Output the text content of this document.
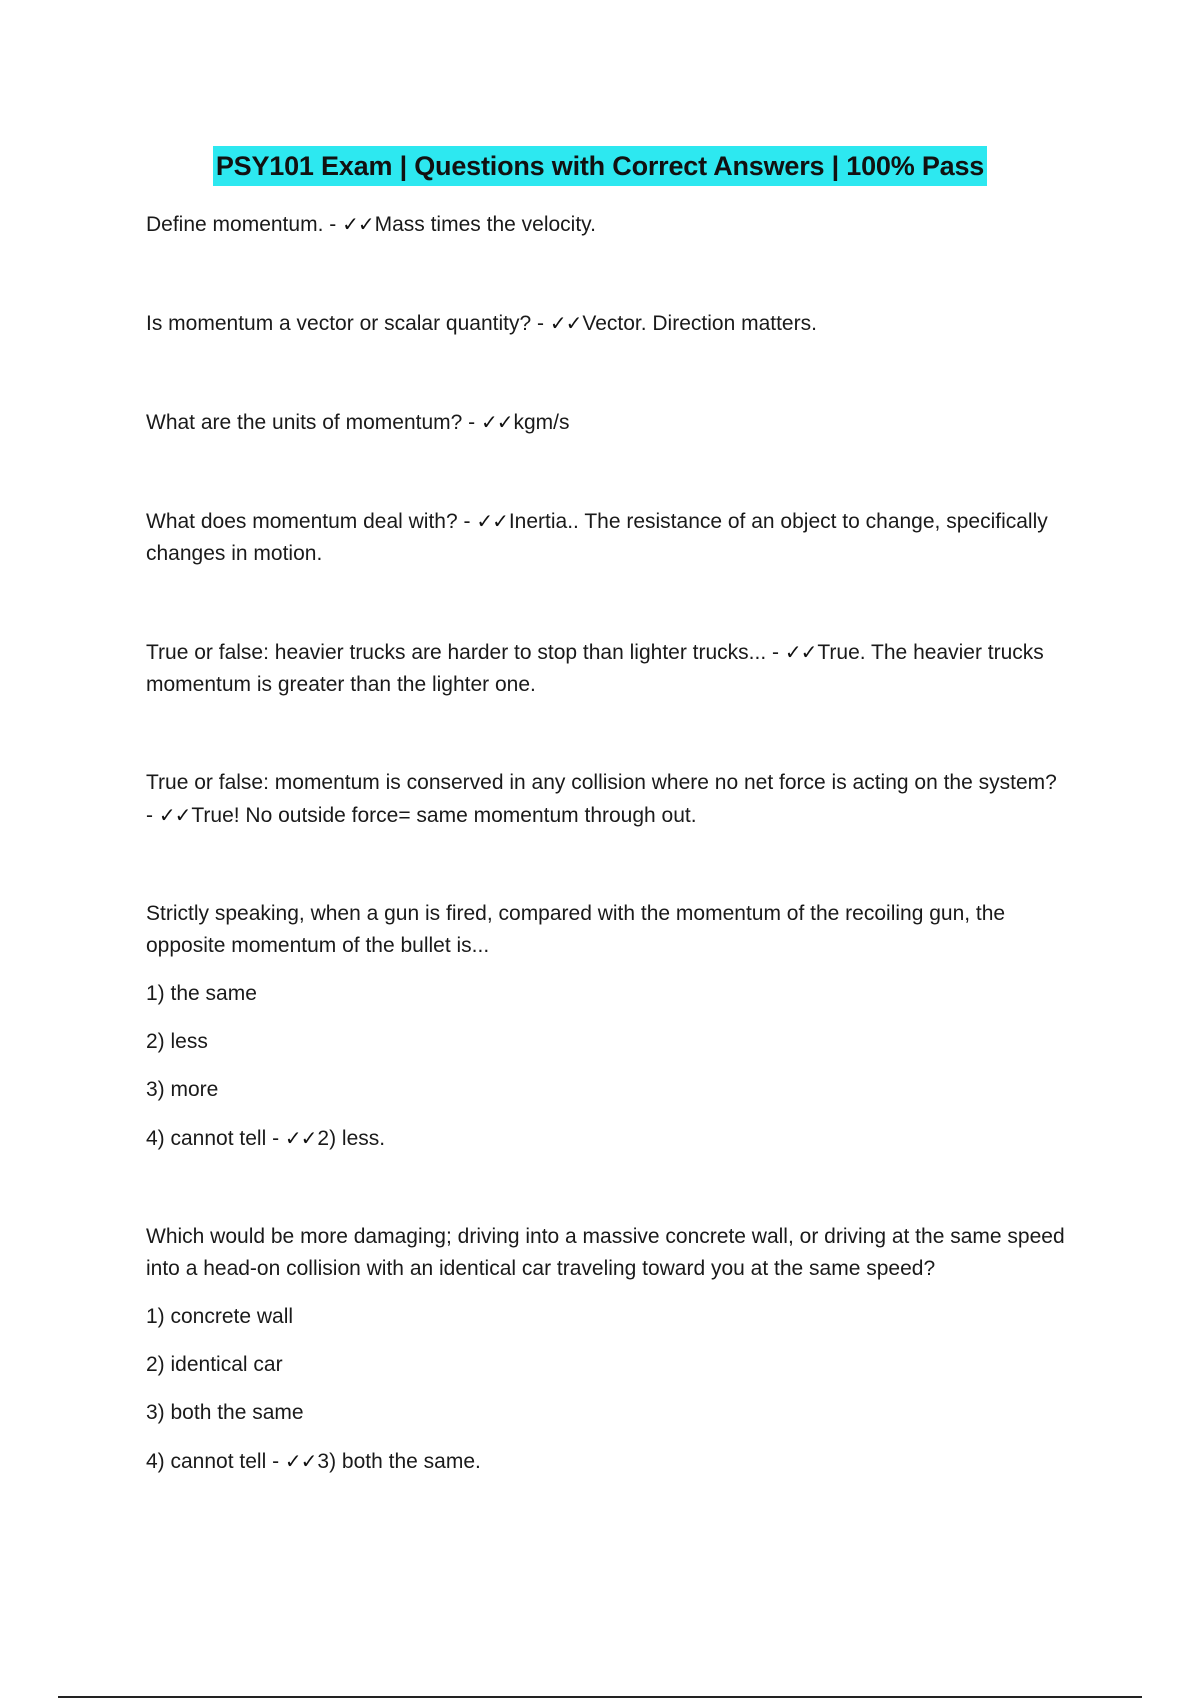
PSY101 Exam | Questions with Correct Answers | 100% Pass

Define momentum. - ✓✓Mass times the velocity.

Is momentum a vector or scalar quantity? - ✓✓Vector. Direction matters.

What are the units of momentum? - ✓✓kgm/s

What does momentum deal with? - ✓✓Inertia.. The resistance of an object to change, specifically changes in motion.

True or false: heavier trucks are harder to stop than lighter trucks... - ✓✓True. The heavier trucks momentum is greater than the lighter one.

True or false: momentum is conserved in any collision where no net force is acting on the system? - ✓✓True! No outside force= same momentum through out.

Strictly speaking, when a gun is fired, compared with the momentum of the recoiling gun, the opposite momentum of the bullet is...

1) the same

2) less

3) more

4) cannot tell - ✓✓2) less.

Which would be more damaging; driving into a massive concrete wall, or driving at the same speed into a head-on collision with an identical car traveling toward you at the same speed?

1) concrete wall

2) identical car

3) both the same

4) cannot tell - ✓✓3) both the same.
